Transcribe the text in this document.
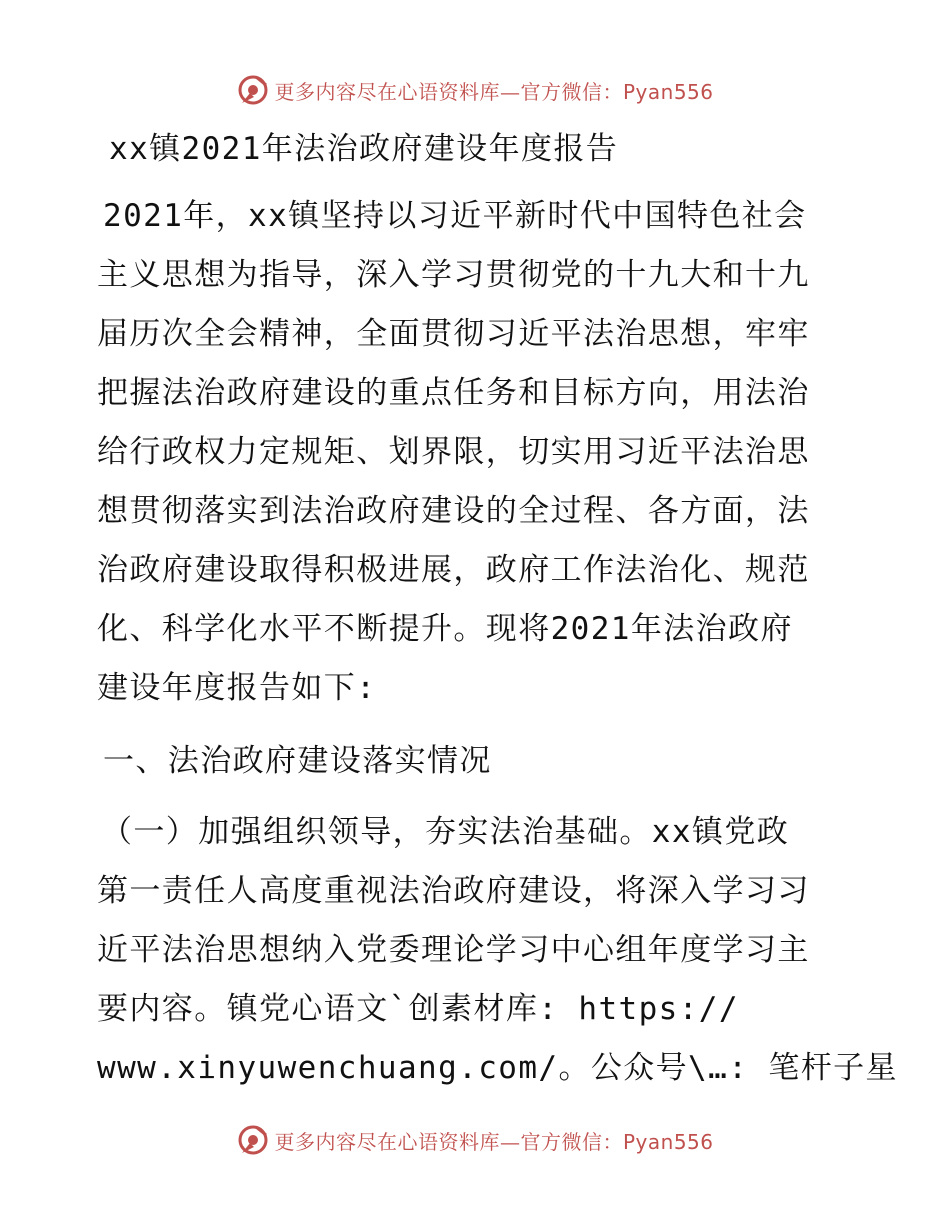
更多内容尽在心语资料库—官方微信：Pyan556
xx镇2021年法治政府建设年度报告
2021年，xx镇坚持以习近平新时代中国特色社会
主义思想为指导，深入学习贯彻党的十九大和十九
届历次全会精神，全面贯彻习近平法治思想，牢牢
把握法治政府建设的重点任务和目标方向，用法治
给行政权力定规矩、划界限，切实用习近平法治思
想贯彻落实到法治政府建设的全过程、各方面，法
治政府建设取得积极进展，政府工作法治化、规范
化、科学化水平不断提升。现将2021年法治政府
建设年度报告如下:
一、法治政府建设落实情况
（一）加强组织领导，夯实法治基础。xx镇党政
第一责任人高度重视法治政府建设，将深入学习习
近平法治思想纳入党委理论学习中心组年度学习主
要内容。镇党心语文`创素材库: https://
www.xinyuwenchuang.com/。公众号\…: 笔杆子星
更多内容尽在心语资料库—官方微信：Pyan556
